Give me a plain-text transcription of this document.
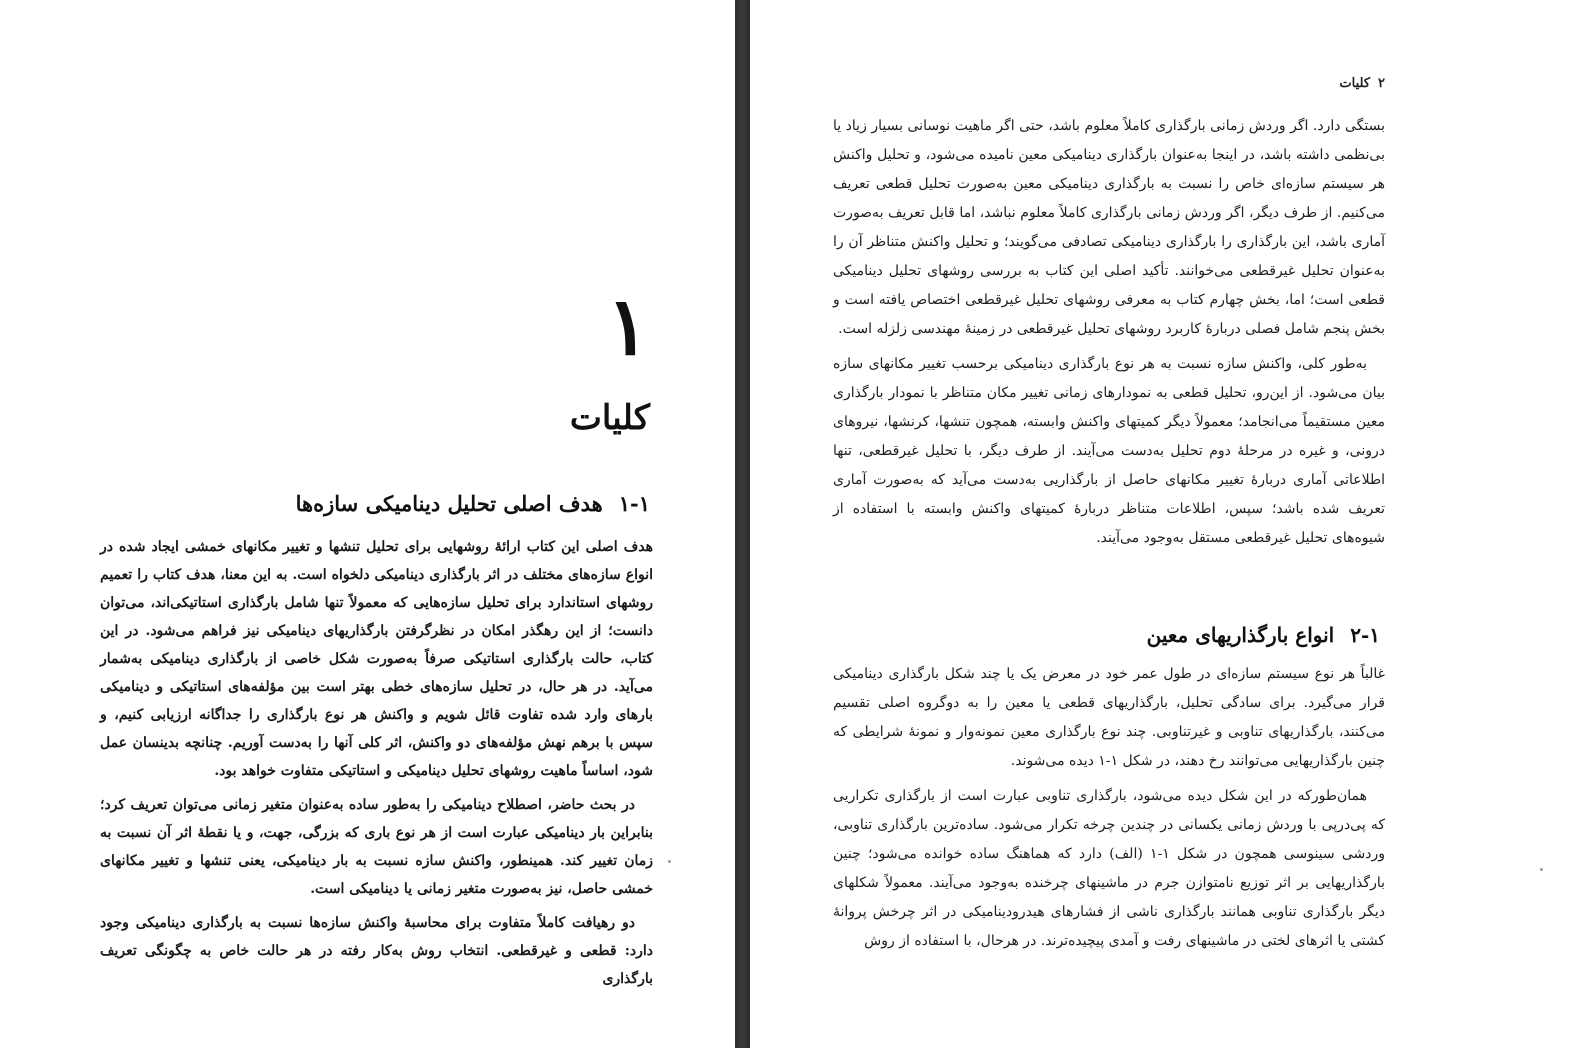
۱
کلیات
۱-۱هدف اصلی تحلیل دینامیکی سازه‌ها

هدف اصلی این کتاب ارائهٔ روشهایی برای تحلیل تنشها و تغییر مکانهای خمشی ایجاد شده در انواع سازه‌های مختلف در اثر بارگذاری دینامیکی دلخواه است. به این معنا، هدف کتاب را تعمیم روشهای استاندارد برای تحلیل سازه‌هایی که معمولاً تنها شامل بارگذاری استاتیکی‌اند، می‌توان دانست؛ از این رهگذر امکان در نظرگرفتن بارگذاریهای دینامیکی نیز فراهم می‌شود. در این کتاب، حالت بارگذاری استاتیکی صرفاً به‌صورت شکل خاصی از بارگذاری دینامیکی به‌شمار می‌آید. در هر حال، در تحلیل سازه‌های خطی بهتر است بین مؤلفه‌های استاتیکی و دینامیکی بارهای وارد شده تفاوت قائل شویم و واکنش هر نوع بارگذاری را جداگانه ارزیابی کنیم، و سپس با برهم نهش مؤلفه‌های دو واکنش، اثر کلی آنها را به‌دست آوریم. چنانچه بدینسان عمل شود، اساساً ماهیت روشهای تحلیل دینامیکی و استاتیکی متفاوت خواهد بود.

در بحث حاضر، اصطلاح دینامیکی را به‌طور ساده به‌عنوان متغیر زمانی می‌توان تعریف کرد؛ بنابراین بار دینامیکی عبارت است از هر نوع باری که بزرگی، جهت، و یا نقطهٔ اثر آن نسبت به زمان تغییر کند. همینطور، واکنش سازه نسبت به بار دینامیکی، یعنی تنشها و تغییر مکانهای خمشی حاصل، نیز به‌صورت متغیر زمانی یا دینامیکی است.

دو رهیافت کاملاً متفاوت برای محاسبهٔ واکنش سازه‌ها نسبت به بارگذاری دینامیکی وجود دارد: قطعی و غیرقطعی. انتخاب روش به‌کار رفته در هر حالت خاص به چگونگی تعریف بارگذاری

۲کلیات

بستگی دارد. اگر وردش زمانی بارگذاری کاملاً معلوم باشد، حتی اگر ماهیت نوسانی بسیار زیاد یا بی‌نظمی داشته باشد، در اینجا به‌عنوان بارگذاری دینامیکی معین نامیده می‌شود، و تحلیل واکنش هر سیستم سازه‌ای خاص را نسبت به بارگذاری دینامیکی معین به‌صورت تحلیل قطعی تعریف می‌کنیم. از طرف دیگر، اگر وردش زمانی بارگذاری کاملاً معلوم نباشد، اما قابل تعریف به‌صورت آماری باشد، این بارگذاری را بارگذاری دینامیکی تصادفی می‌گویند؛ و تحلیل واکنش متناظر آن را به‌عنوان تحلیل غیرقطعی می‌خوانند. تأکید اصلی این کتاب به بررسی روشهای تحلیل دینامیکی قطعی است؛ اما، بخش چهارم کتاب به معرفی روشهای تحلیل غیرقطعی اختصاص یافته است و بخش پنجم شامل فصلی دربارهٔ کاربرد روشهای تحلیل غیرقطعی در زمینهٔ مهندسی زلزله است.

به‌طور کلی، واکنش سازه نسبت به هر نوع بارگذاری دینامیکی برحسب تغییر مکانهای سازه بیان می‌شود. از این‌رو، تحلیل قطعی به نمودارهای زمانی تغییر مکان متناظر با نمودار بارگذاری معین مستقیماً می‌انجامد؛ معمولاً دیگر کمیتهای واکنش وابسته، همچون تنشها، کرنشها، نیروهای درونی، و غیره در مرحلهٔ دوم تحلیل به‌دست می‌آیند. از طرف دیگر، با تحلیل غیرقطعی، تنها اطلاعاتی آماری دربارهٔ تغییر مکانهای حاصل از بارگذاریی به‌دست می‌آید که به‌صورت آماری تعریف شده باشد؛ سپس، اطلاعات متناظر دربارهٔ کمیتهای واکنش وابسته با استفاده از شیوه‌های تحلیل غیرقطعی مستقل به‌وجود می‌آیند.

۲-۱انواع بارگذاریهای معین

غالباً هر نوع سیستم سازه‌ای در طول عمر خود در معرض یک یا چند شکل بارگذاری دینامیکی قرار می‌گیرد. برای سادگی تحلیل، بارگذاریهای قطعی یا معین را به دوگروه اصلی تقسیم می‌کنند، بارگذاریهای تناوبی و غیرتناوبی. چند نوع بارگذاری معین نمونه‌وار و نمونهٔ شرایطی که چنین بارگذاریهایی می‌توانند رخ دهند، در شکل ۱-۱ دیده می‌شوند.

همان‌طورکه در این شکل دیده می‌شود، بارگذاری تناوبی عبارت است از بارگذاری تکراریی که پی‌درپی با وردش زمانی یکسانی در چندین چرخه تکرار می‌شود. ساده‌ترین بارگذاری تناوبی، وردشی سینوسی همچون در شکل ۱-۱ (الف) دارد که هماهنگ ساده خوانده می‌شود؛ چنین بارگذاریهایی بر اثر توزیع نامتوازن جرم در ماشینهای چرخنده به‌وجود می‌آیند. معمولاً شکلهای دیگر بارگذاری تناوبی همانند بارگذاری ناشی از فشارهای هیدرودینامیکی در اثر چرخش پروانهٔ کشتی یا اثرهای لختی در ماشینهای رفت و آمدی پیچیده‌ترند. در هرحال، با استفاده از روش
